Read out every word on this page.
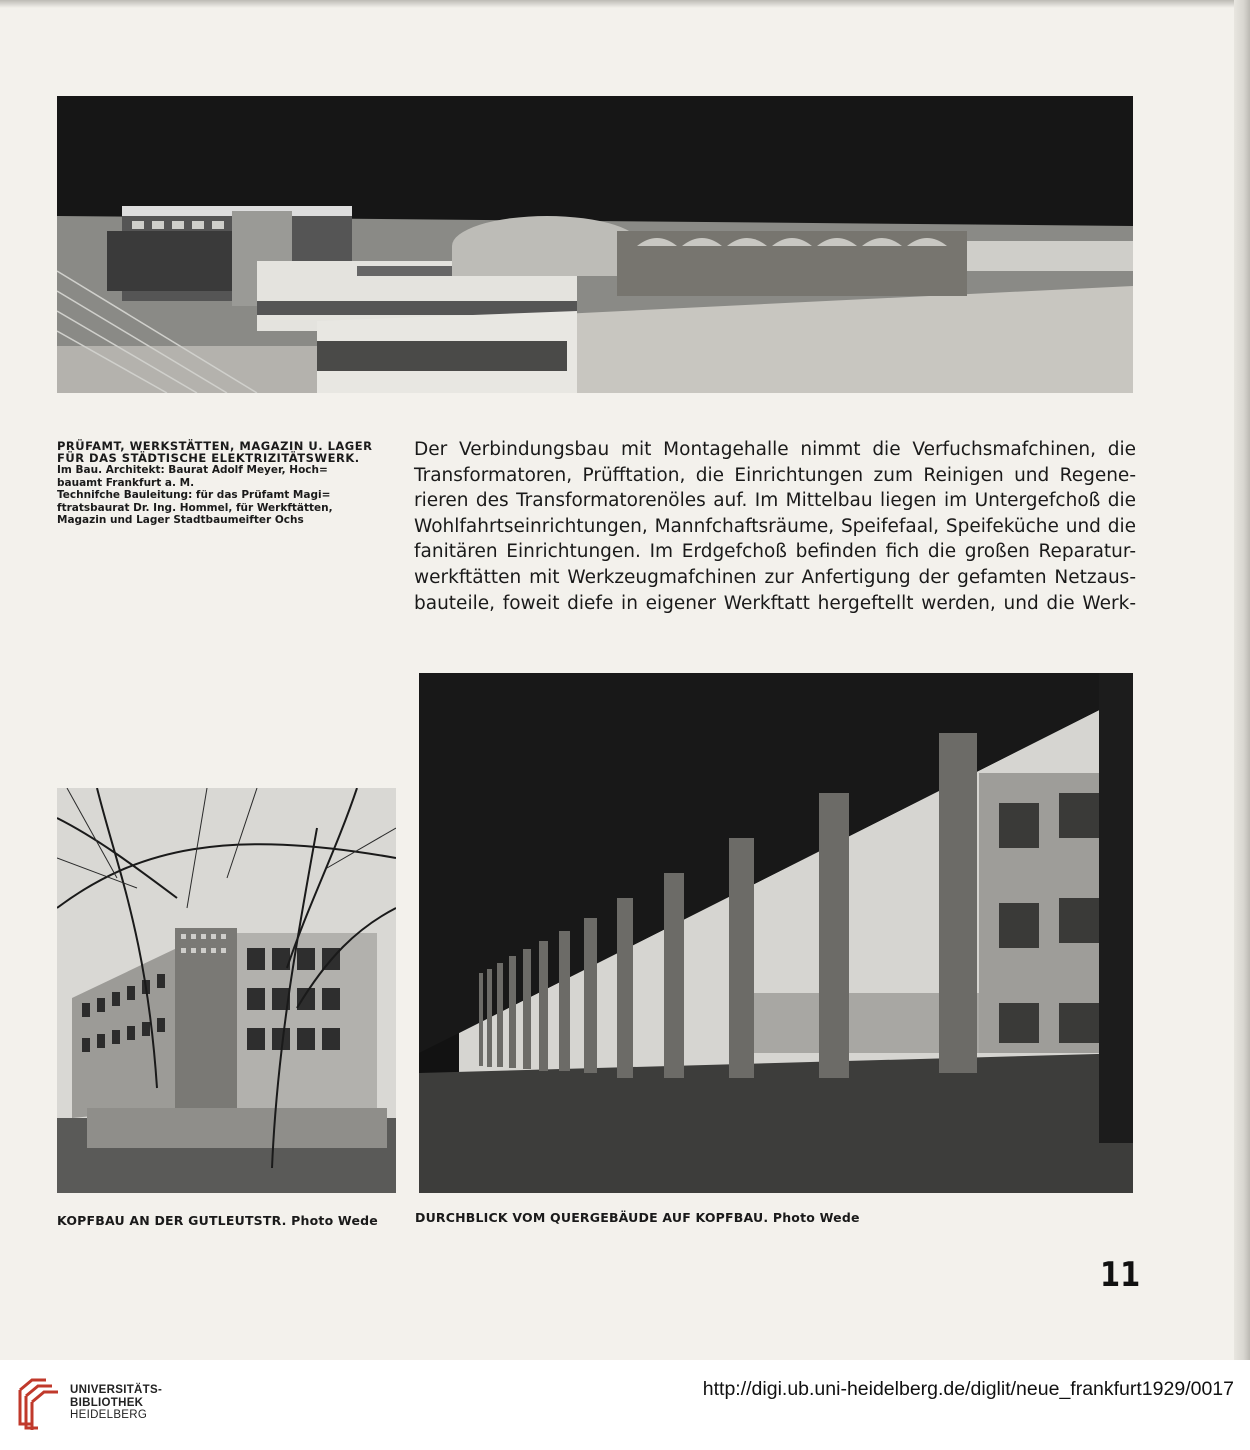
PRÜFAMT, WERKSTÄTTEN, MAGAZIN U. LAGER
FÜR DAS STÄDTISCHE ELEKTRIZITÄTSWERK.
Im Bau. Architekt: Baurat Adolf Meyer, Hoch=
bauamt Frankfurt a. M.
Technifche Bauleitung: für das Prüfamt Magi=
ftratsbaurat Dr. Ing. Hommel, für Werkftätten,
Magazin und Lager Stadtbaumeifter Ochs
Der Verbindungsbau mit Montagehalle nimmt die Verfuchsmafchinen, die
Transformatoren, Prüfftation, die Einrichtungen zum Reinigen und Regene-
rieren des Transformatorenöles auf. Im Mittelbau liegen im Untergefchoß die
Wohlfahrtseinrichtungen, Mannfchaftsräume, Speifefaal, Speifeküche und die
fanitären Einrichtungen. Im Erdgefchoß befinden fich die großen Reparatur-
werkftätten mit Werkzeugmafchinen zur Anfertigung der gefamten Netzaus-
bauteile, foweit diefe in eigener Werkftatt hergeftellt werden, und die Werk-
KOPFBAU AN DER GUTLEUTSTR. Photo Wede	DURCHBLICK VOM QUERGEBÄUDE AUF KOPFBAU. Photo Wede
11
UNIVERSITÄTS-
BIBLIOTHEK
HEIDELBERG
http://digi.ub.uni-heidelberg.de/diglit/neue_frankfurt1929/0017
